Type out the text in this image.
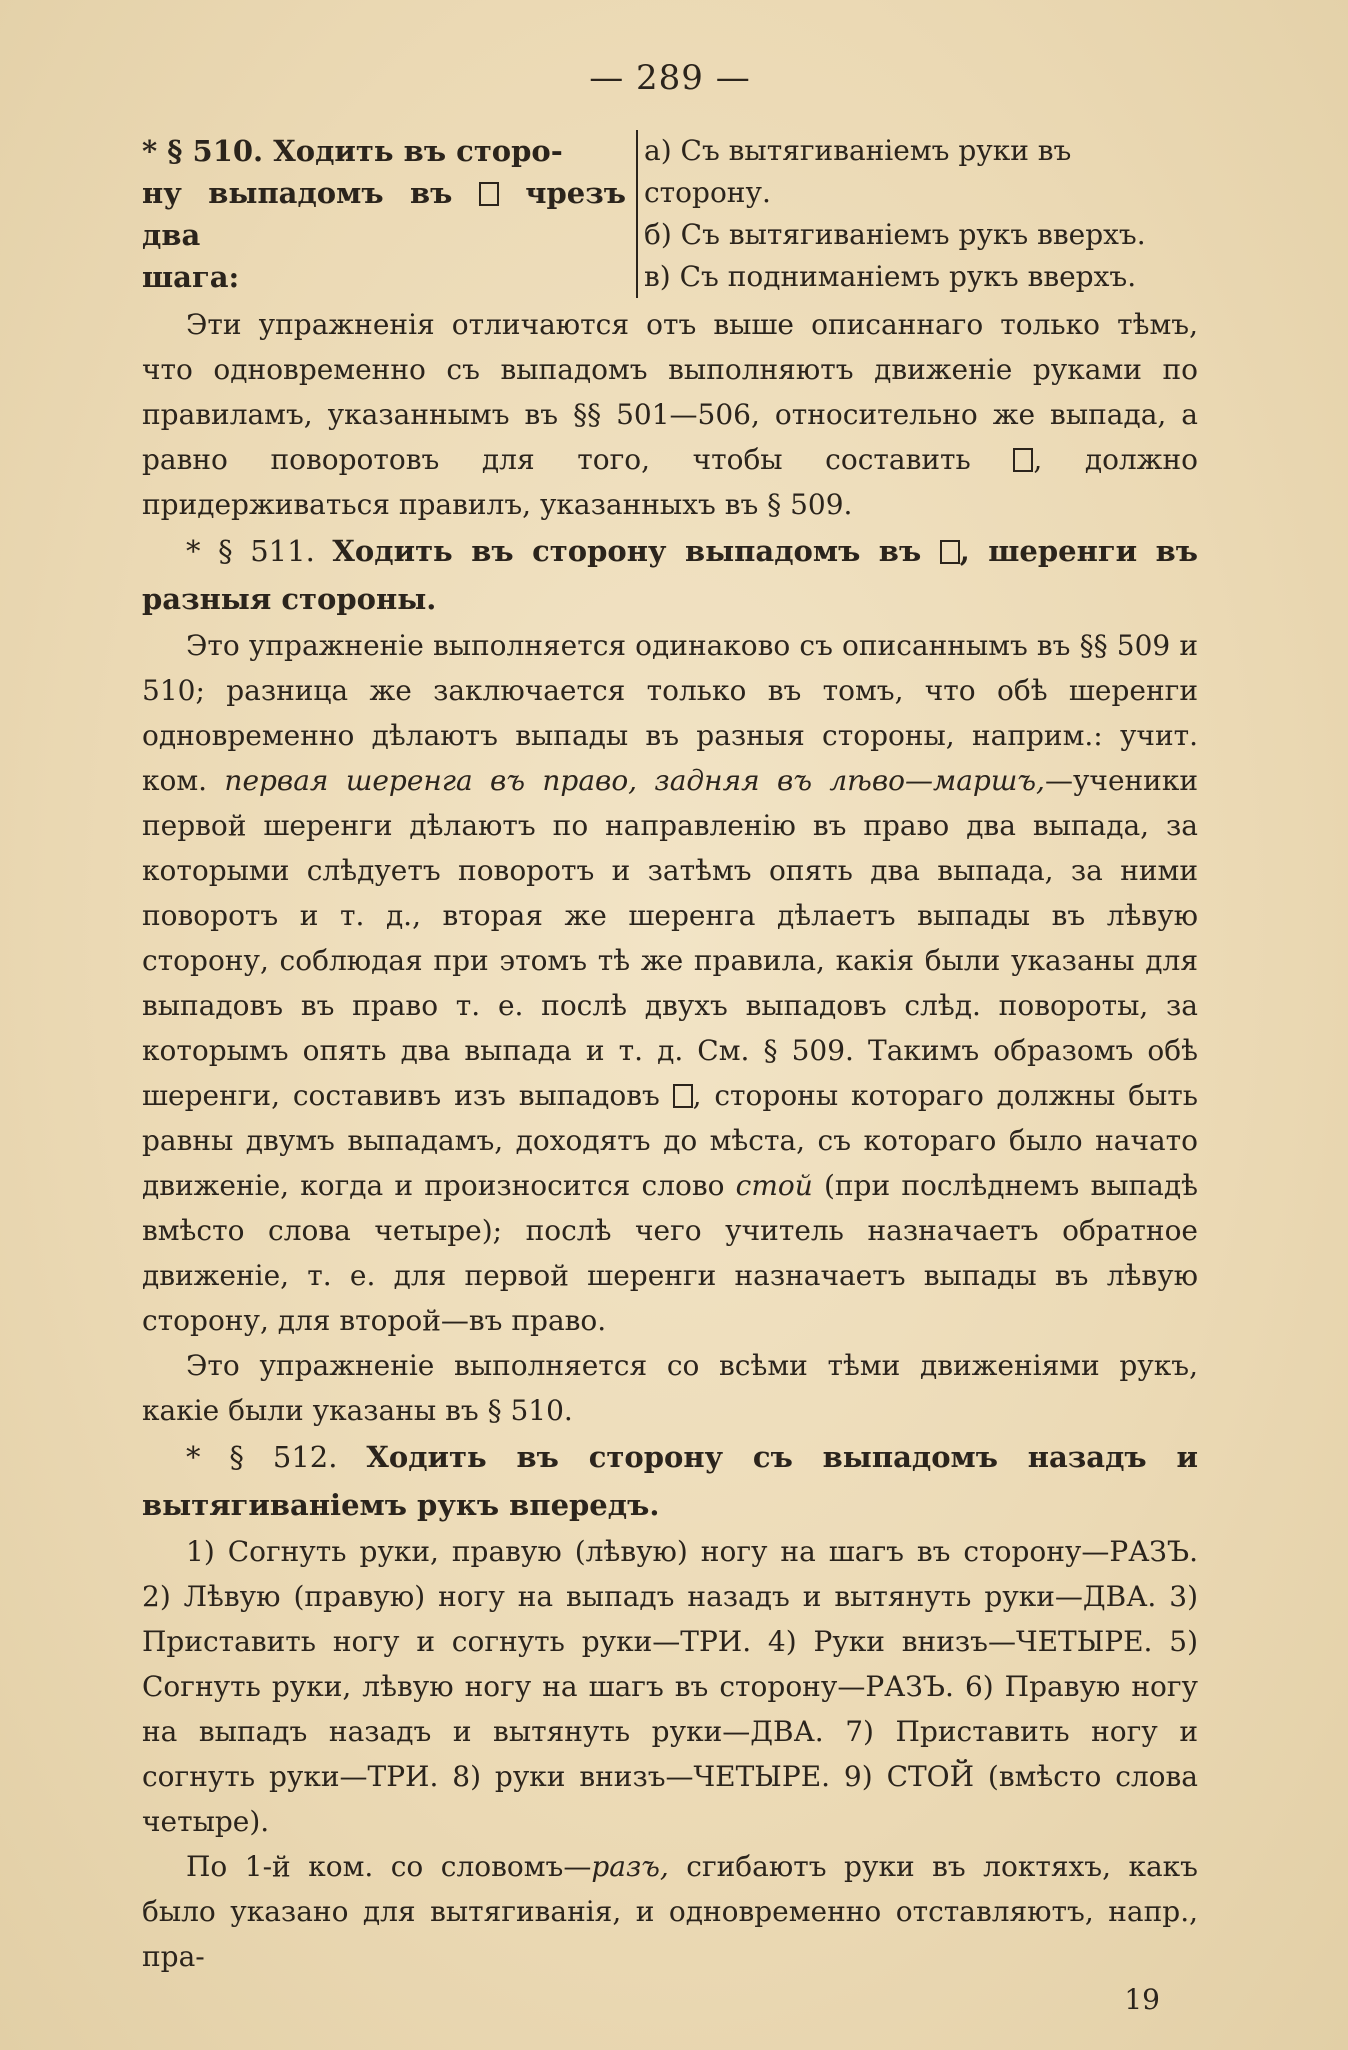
— 289 —
* § 510. Ходить въ сторо-
ну выпадомъ въ  чрезъ два
шага:
а) Съ вытягиваніемъ руки въ сторону.
б) Съ вытягиваніемъ рукъ вверхъ.
в) Съ подниманіемъ рукъ вверхъ.

Эти упражненія отличаются отъ выше описаннаго только тѣмъ, что одновременно съ выпадомъ выполняютъ движеніе руками по правиламъ, указаннымъ въ §§ 501—506, относительно же выпада, а равно поворотовъ для того, чтобы составить , должно придерживаться правилъ, указанныхъ въ § 509.

* § 511. Ходить въ сторону выпадомъ въ , шеренги въ разныя стороны.

Это упражненіе выполняется одинаково съ описаннымъ въ §§ 509 и 510; разница же заключается только въ томъ, что обѣ шеренги одновременно дѣлаютъ выпады въ разныя стороны, наприм.: учит. ком. первая шеренга въ право, задняя въ лѣво—маршъ,—ученики первой шеренги дѣлаютъ по направленію въ право два выпада, за которыми слѣдуетъ поворотъ и затѣмъ опять два выпада, за ними поворотъ и т. д., вторая же шеренга дѣлаетъ выпады въ лѣвую сторону, соблюдая при этомъ тѣ же правила, какія были указаны для выпадовъ въ право т. е. послѣ двухъ выпадовъ слѣд. повороты, за которымъ опять два выпада и т. д. См. § 509. Такимъ образомъ обѣ шеренги, составивъ изъ выпадовъ , стороны котораго должны быть равны двумъ выпадамъ, доходятъ до мѣста, съ котораго было начато движеніе, когда и произносится слово стой (при послѣднемъ выпадѣ вмѣсто слова четыре); послѣ чего учитель назначаетъ обратное движеніе, т. е. для первой шеренги назначаетъ выпады въ лѣвую сторону, для второй—въ право.

Это упражненіе выполняется со всѣми тѣми движеніями рукъ, какіе были указаны въ § 510.

* § 512. Ходить въ сторону съ выпадомъ назадъ и вытягиваніемъ рукъ впередъ.

1) Согнуть руки, правую (лѣвую) ногу на шагъ въ сторону—РАЗЪ. 2) Лѣвую (правую) ногу на выпадъ назадъ и вытянуть руки—ДВА. 3) Приставить ногу и согнуть руки—ТРИ. 4) Руки внизъ—ЧЕТЫРЕ. 5) Согнуть руки, лѣвую ногу на шагъ въ сторону—РАЗЪ. 6) Правую ногу на выпадъ назадъ и вытянуть руки—ДВА. 7) Приставить ногу и согнуть руки—ТРИ. 8) руки внизъ—ЧЕТЫРЕ. 9) СТОЙ (вмѣсто слова четыре).

По 1-й ком. со словомъ—разъ, сгибаютъ руки въ локтяхъ, какъ было указано для вытягиванія, и одновременно отставляютъ, напр., пра-

19
